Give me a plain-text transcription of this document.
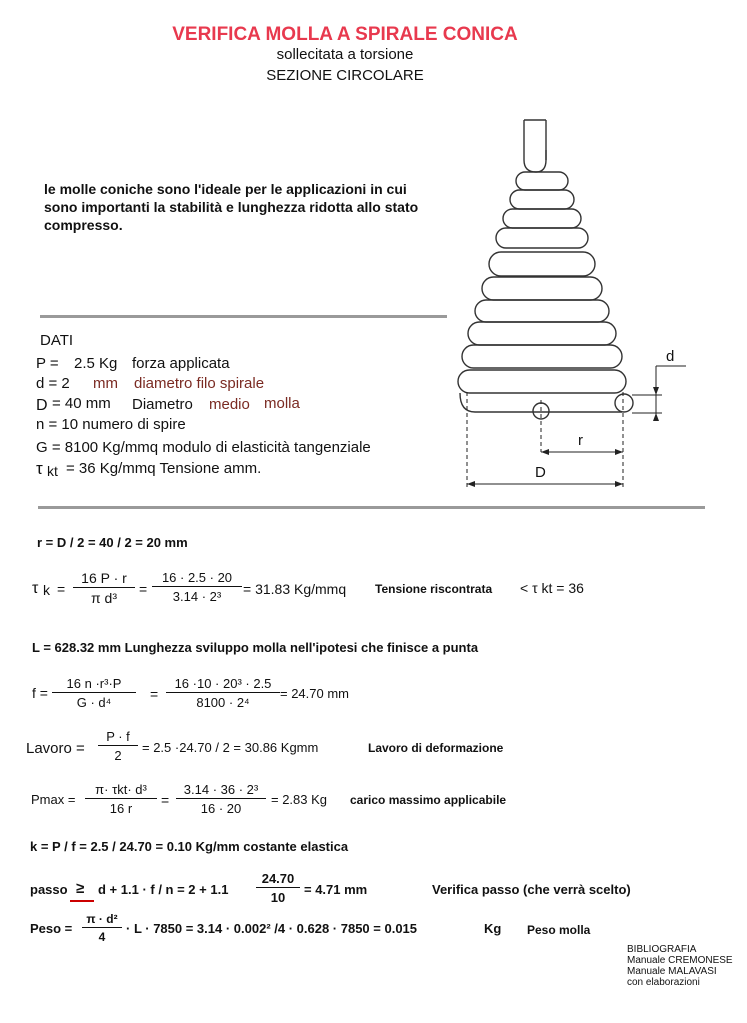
VERIFICA MOLLA A SPIRALE CONICA
sollecitata a torsione
SEZIONE CIRCOLARE
le molle coniche sono l'ideale per le applicazioni in cui sono importanti la stabilità e lunghezza ridotta allo stato compresso.
d
r
D
DATI
P = 2.5 Kg forza applicata
d = 2 mm diametro filo spirale
D = 40 mm Diametro medio molla
n = 10 numero di spire
G = 8100 Kg/mmq modulo di elasticità tangenziale
τ kt = 36 Kg/mmq Tensione amm.
r = D / 2 = 40 / 2 = 20 mm
τ $k = \frac{16 P \cdot r}{\text{π d³}} = \frac{16 \cdot 2.5 \cdot 20}{\text{3.14 · 2³}} = 31.83$ Kg/mmq Tensione riscontrata < τ kt = 36
L = 628.32 mm Lunghezza sviluppo molla nell'ipotesi che finisce a punta
$f = \frac{\text{16 n ·r³·P}}{\text{G · d⁴}} = \frac{\text{16 ·10 · 20³ · 2.5}}{\text{8100 · 2⁴}} = 24.70$ mm
Lavoro = $\frac{P \cdot f}{2} = 2.5 \cdot 24.70 / 2 = 30.86$ Kgmm	Lavoro di deformazione
Pmax =
π· τkt· d³
16 r
= $\frac{\text{3.14 · 36 · 2³}}{16 \cdot 20} = 2.83$ Kg carico massimo applicabile
k = P / f = 2.5 / 24.70 = 0.10 Kg/mm costante elastica
passo ≥ $d + 1.1 \cdot f / n = 2 + 1.1 \frac{24.70}{10} = 4.71$ mm	Verifica passo (che verrà scelto)
Peso = $\frac{\text{π · d²}}{4} \cdot L \cdot 7850 = 3.14 \cdot 0.002^2$ /4 · 0.628 · 7850 = 0.015	Kg Peso molla
BIBLIOGRAFIA
Manuale CREMONESE
Manuale MALAVASI
con elaborazioni
